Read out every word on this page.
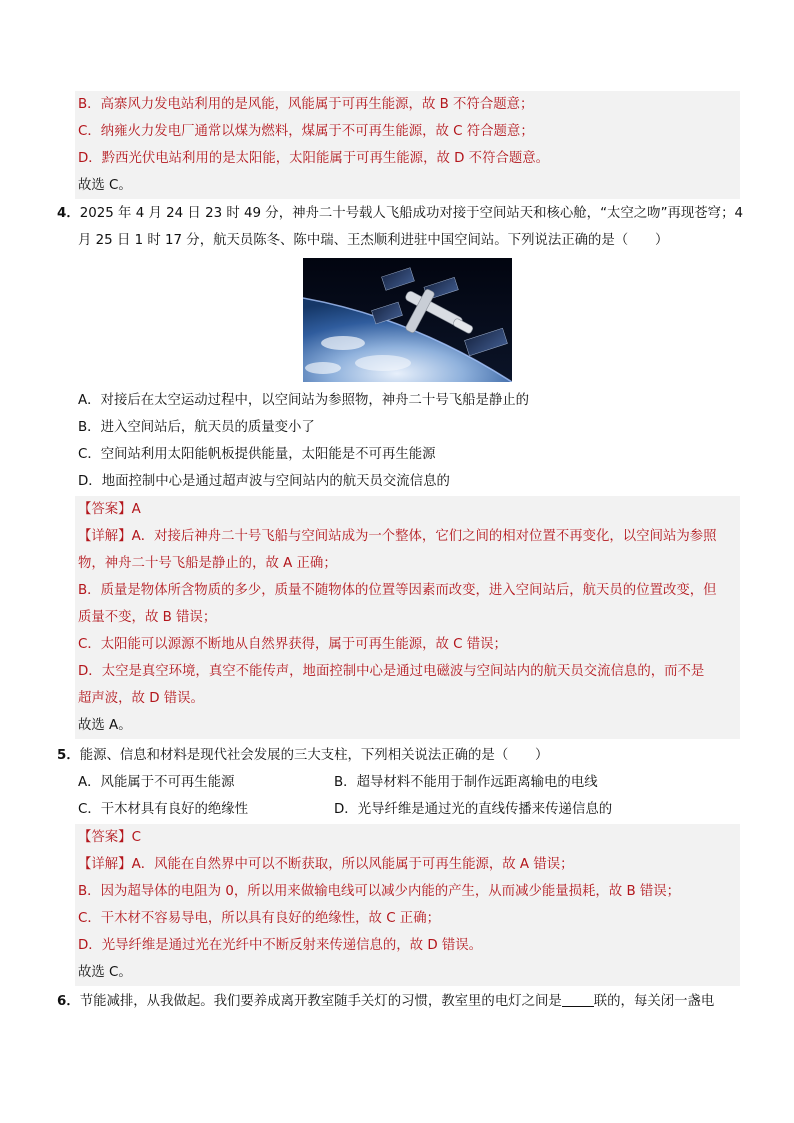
B．高寨风力发电站利用的是风能，风能属于可再生能源，故 B 不符合题意；
C．纳雍火力发电厂通常以煤为燃料，煤属于不可再生能源，故 C 符合题意；
D．黔西光伏电站利用的是太阳能，太阳能属于可再生能源，故 D 不符合题意。
故选 C。
4．2025 年 4 月 24 日 23 时 49 分，神舟二十号载人飞船成功对接于空间站天和核心舱，“太空之吻”再现苍穹；4
月 25 日 1 时 17 分，航天员陈冬、陈中瑞、王杰顺利进驻中国空间站。下列说法正确的是（　　）
A．对接后在太空运动过程中，以空间站为参照物，神舟二十号飞船是静止的
B．进入空间站后，航天员的质量变小了
C．空间站利用太阳能帆板提供能量，太阳能是不可再生能源
D．地面控制中心是通过超声波与空间站内的航天员交流信息的
【答案】A
【详解】A．对接后神舟二十号飞船与空间站成为一个整体，它们之间的相对位置不再变化，以空间站为参照
物，神舟二十号飞船是静止的，故 A 正确；
B．质量是物体所含物质的多少，质量不随物体的位置等因素而改变，进入空间站后，航天员的位置改变，但
质量不变，故 B 错误；
C．太阳能可以源源不断地从自然界获得，属于可再生能源，故 C 错误；
D．太空是真空环境，真空不能传声，地面控制中心是通过电磁波与空间站内的航天员交流信息的，而不是
超声波，故 D 错误。
故选 A。
5．能源、信息和材料是现代社会发展的三大支柱，下列相关说法正确的是（　　）
A．风能属于不可再生能源	B．超导材料不能用于制作远距离输电的电线
C．干木材具有良好的绝缘性	D．光导纤维是通过光的直线传播来传递信息的
【答案】C
【详解】A．风能在自然界中可以不断获取，所以风能属于可再生能源，故 A 错误；
B．因为超导体的电阻为 0，所以用来做输电线可以减少内能的产生，从而减少能量损耗，故 B 错误；
C．干木材不容易导电，所以具有良好的绝缘性，故 C 正确；
D．光导纤维是通过光在光纤中不断反射来传递信息的，故 D 错误。
故选 C。
6．节能减排，从我做起。我们要养成离开教室随手关灯的习惯，教室里的电灯之间是 联的，每关闭一盏电
